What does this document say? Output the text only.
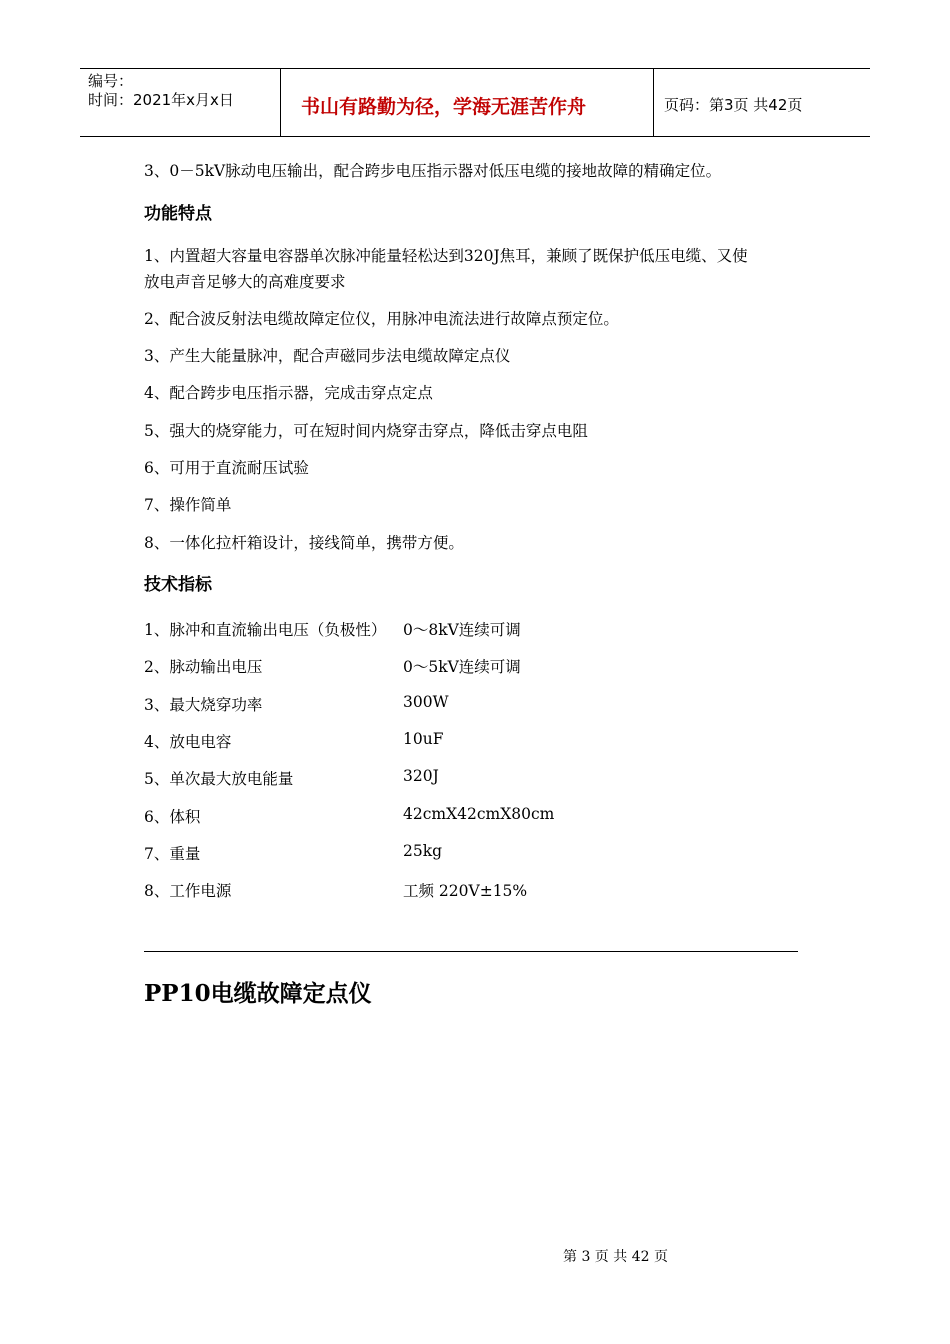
编号：
时间：2021年x月x日	书山有路勤为径，学海无涯苦作舟	页码：第3页 共42页
3、0－5kV脉动电压输出，配合跨步电压指示器对低压电缆的接地故障的精确定位。
功能特点
1、内置超大容量电容器单次脉冲能量轻松达到320J焦耳，兼顾了既保护低压电缆、又使
放电声音足够大的高难度要求
2、配合波反射法电缆故障定位仪，用脉冲电流法进行故障点预定位。
3、产生大能量脉冲，配合声磁同步法电缆故障定点仪
4、配合跨步电压指示器，完成击穿点定点
5、强大的烧穿能力，可在短时间内烧穿击穿点，降低击穿点电阻
6、可用于直流耐压试验
7、操作简单
8、一体化拉杆箱设计，接线简单，携带方便。
技术指标
1、脉冲和直流输出电压（负极性） 0～8kV连续可调
2、脉动输出电压	0～5kV连续可调
3、最大烧穿功率	300W
4、放电电容	10uF
5、单次最大放电能量	320J
6、体积	42cmX42cmX80cm
7、重量	25kg
8、工作电源	工频 220V±15%
PP10电缆故障定点仪
第 3 页 共 42 页
